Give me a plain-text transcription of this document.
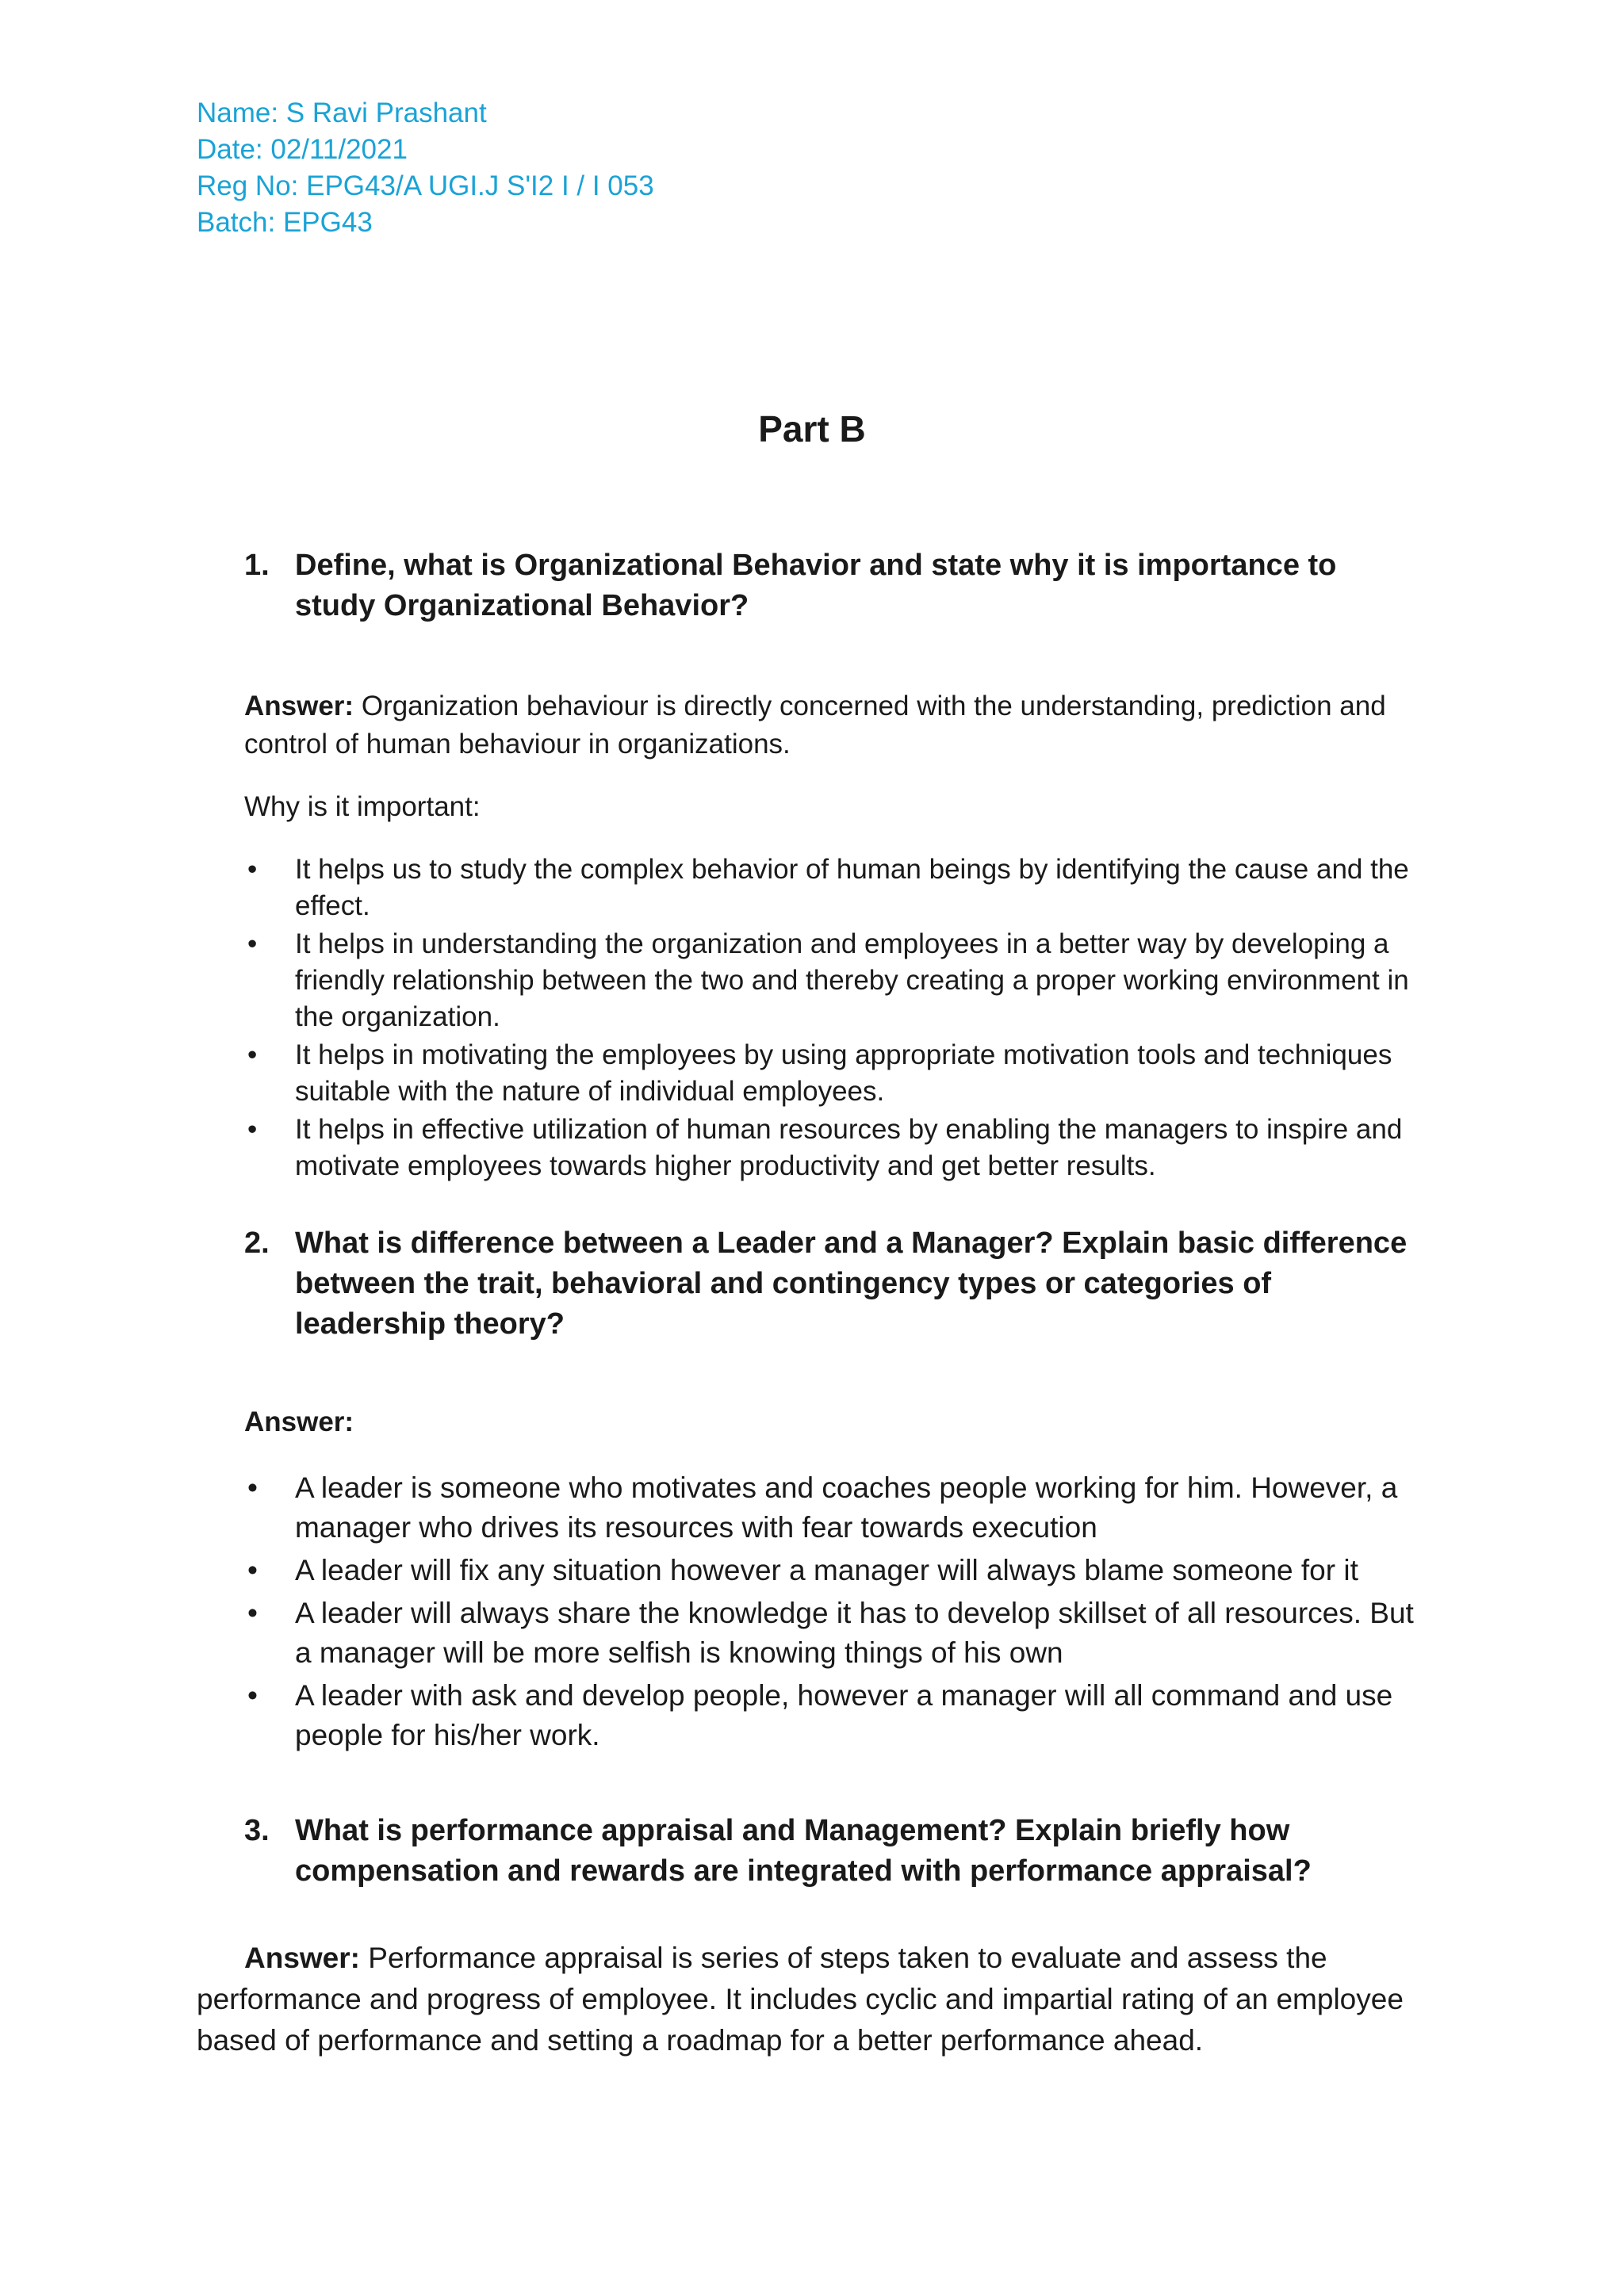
Name: S Ravi Prashant
Date: 02/11/2021
Reg No: EPG43/A UGI.J S'I2 I / I 053
Batch: EPG43
Part B
1. Define, what is Organizational Behavior and state why it is importance to study Organizational Behavior?
Answer: Organization behaviour is directly concerned with the understanding, prediction and control of human behaviour in organizations.
Why is it important:
• It helps us to study the complex behavior of human beings by identifying the cause and the effect.
• It helps in understanding the organization and employees in a better way by developing a friendly relationship between the two and thereby creating a proper working environment in the organization.
• It helps in motivating the employees by using appropriate motivation tools and techniques suitable with the nature of individual employees.
• It helps in effective utilization of human resources by enabling the managers to inspire and motivate employees towards higher productivity and get better results.
2. What is difference between a Leader and a Manager? Explain basic difference between the trait, behavioral and contingency types or categories of leadership theory?
Answer:
• A leader is someone who motivates and coaches people working for him. However, a manager who drives its resources with fear towards execution
• A leader will fix any situation however a manager will always blame someone for it
• A leader will always share the knowledge it has to develop skillset of all resources. But a manager will be more selfish is knowing things of his own
• A leader with ask and develop people, however a manager will all command and use people for his/her work.
3. What is performance appraisal and Management? Explain briefly how compensation and rewards are integrated with performance appraisal?
Answer: Performance appraisal is series of steps taken to evaluate and assess the performance and progress of employee. It includes cyclic and impartial rating of an employee based of performance and setting a roadmap for a better performance ahead.
